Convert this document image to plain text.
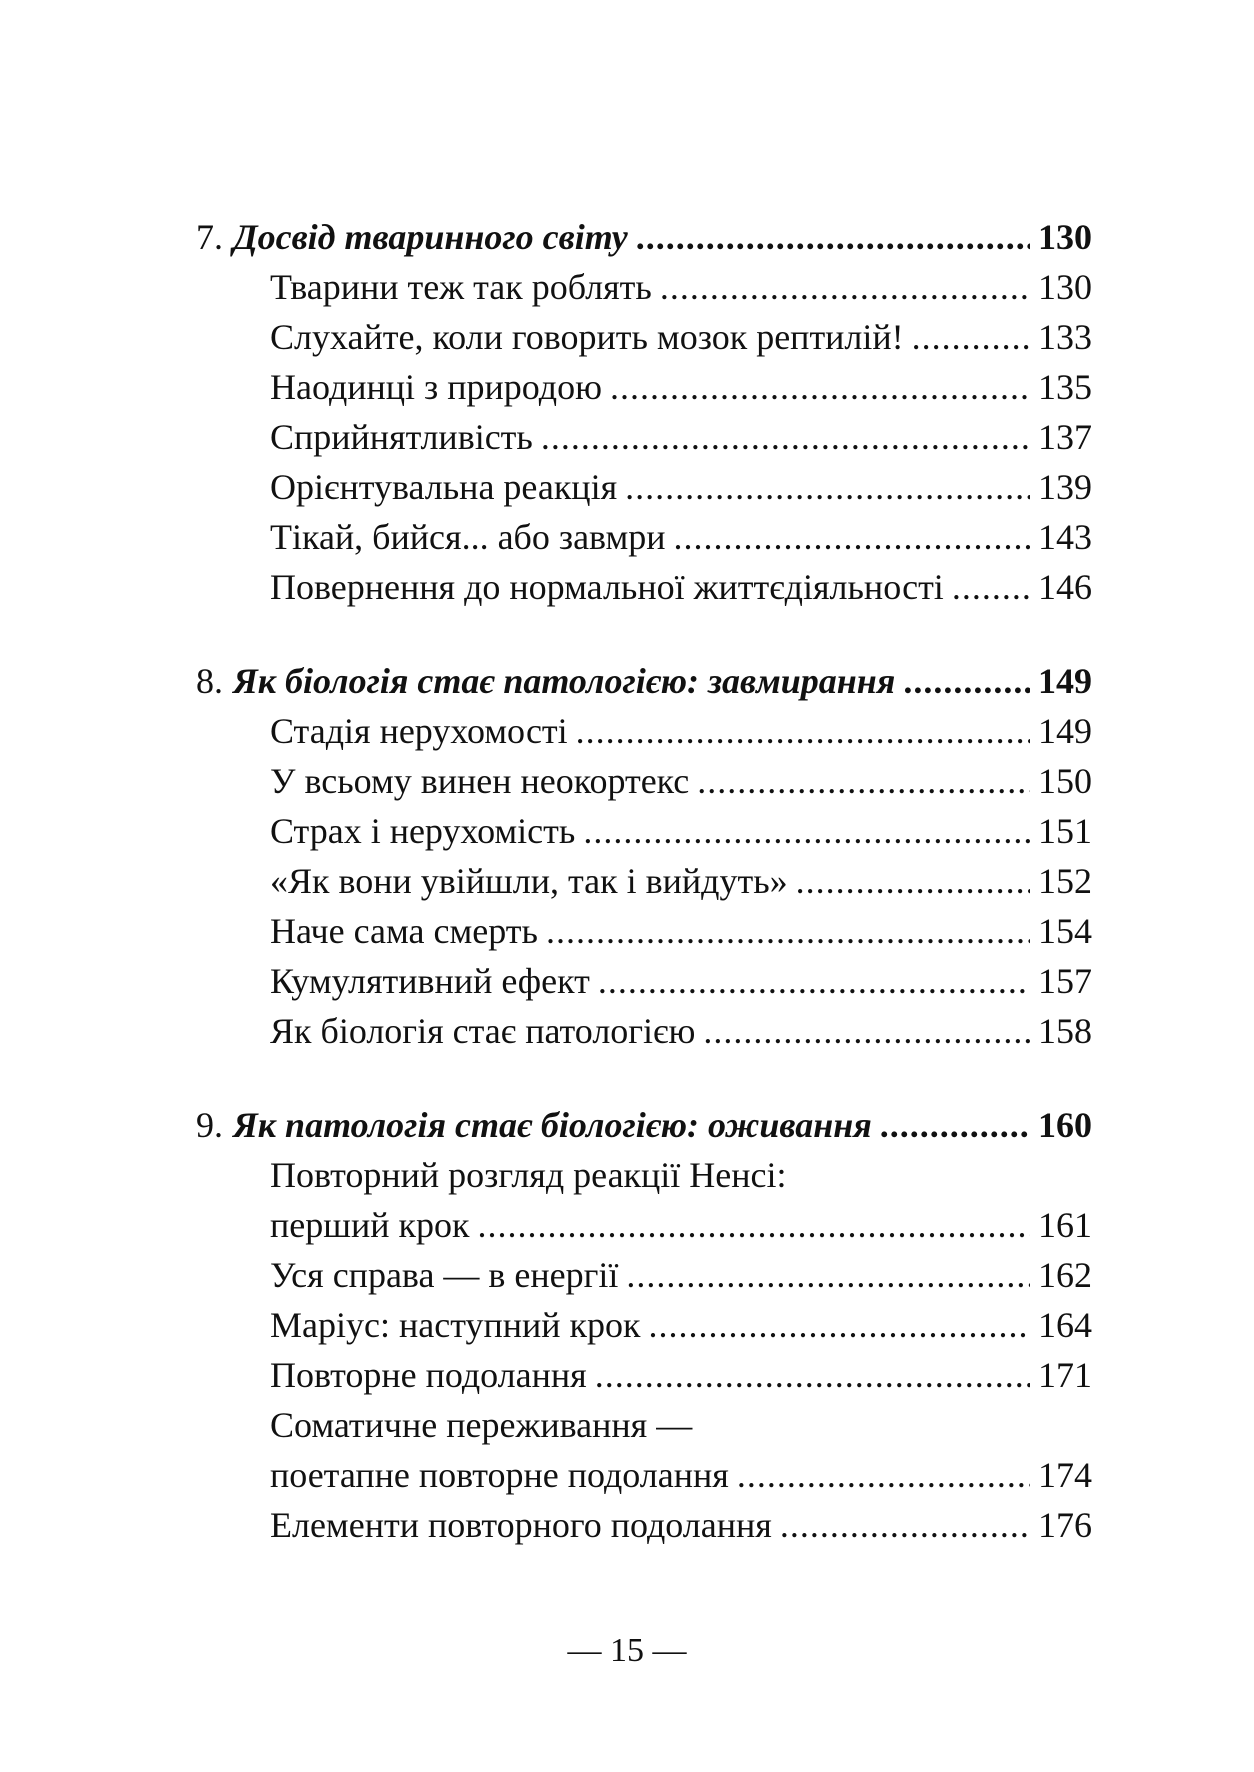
7. Досвід тваринного світу .....	130
Тварини теж так роблять .....	130
Слухайте, коли говорить мозок рептилій! .....	133
Наодинці з природою .....	135
Сприйнятливість .....	137
Орієнтувальна реакція .....	139
Тікай, бийся... або завмри .....	143
Повернення до нормальної життєдіяльності .....	146
8. Як біологія стає патологією: завмирання .....	149
Стадія нерухомості .....	149
У всьому винен неокортекс .....	150
Страх і нерухомість .....	151
«Як вони увійшли, так і вийдуть» .....	152
Наче сама смерть .....	154
Кумулятивний ефект .....	157
Як біологія стає патологією .....	158
9. Як патологія стає біологією: оживання .....	160
Повторний розгляд реакції Ненсі:
перший крок .....	161
Уся справа — в енергії .....	162
Маріус: наступний крок .....	164
Повторне подолання .....	171
Соматичне переживання —
поетапне повторне подолання .....	174
Елементи повторного подолання .....	176
— 15 —
